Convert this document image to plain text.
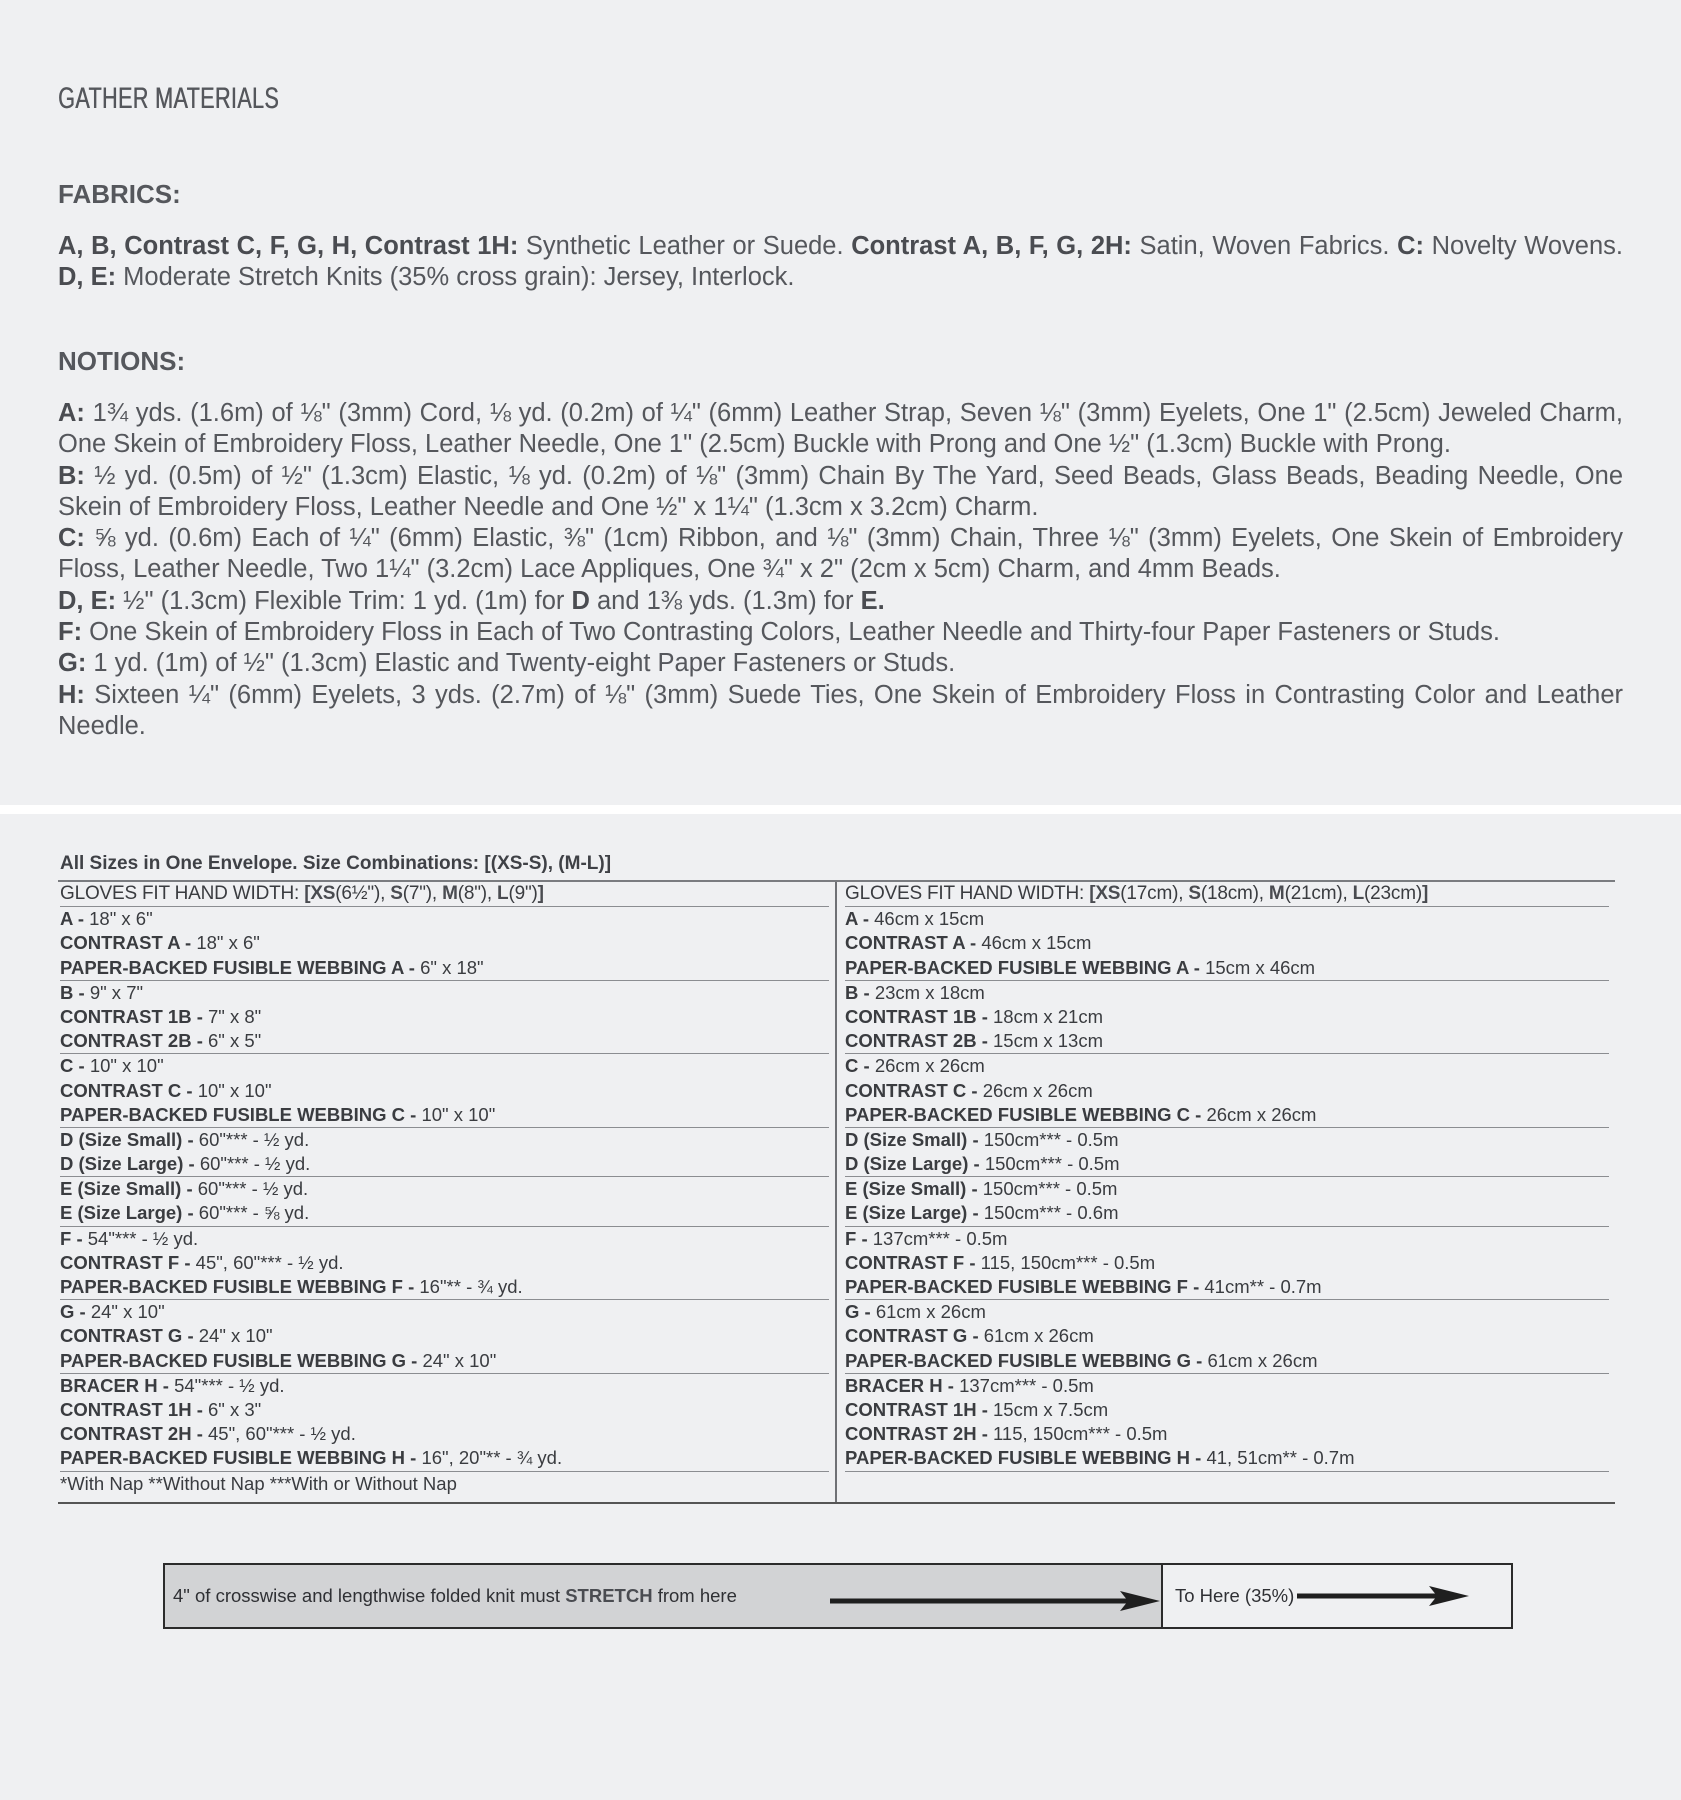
GATHER MATERIALS
FABRICS:

A, B, Contrast C, F, G, H, Contrast 1H: Synthetic Leather or Suede. Contrast A, B, F, G, 2H: Satin, Woven Fabrics. C: Novelty Wovens. D, E: Moderate Stretch Knits (35% cross grain): Jersey, Interlock.

NOTIONS:

A: 1¾ yds. (1.6m) of ⅛" (3mm) Cord, ⅛ yd. (0.2m) of ¼" (6mm) Leather Strap, Seven ⅛" (3mm) Eyelets, One 1" (2.5cm) Jeweled Charm, One Skein of Embroidery Floss, Leather Needle, One 1" (2.5cm) Buckle with Prong and One ½" (1.3cm) Buckle with Prong.

B: ½ yd. (0.5m) of ½" (1.3cm) Elastic, ⅛ yd. (0.2m) of ⅛" (3mm) Chain By The Yard, Seed Beads, Glass Beads, Beading Needle, One Skein of Embroidery Floss, Leather Needle and One ½" x 1¼" (1.3cm x 3.2cm) Charm.

C: ⅝ yd. (0.6m) Each of ¼" (6mm) Elastic, ⅜" (1cm) Ribbon, and ⅛" (3mm) Chain, Three ⅛" (3mm) Eyelets, One Skein of Embroidery Floss, Leather Needle, Two 1¼" (3.2cm) Lace Appliques, One ¾" x 2" (2cm x 5cm) Charm, and 4mm Beads.

D, E: ½" (1.3cm) Flexible Trim: 1 yd. (1m) for D and 1⅜ yds. (1.3m) for E.

F: One Skein of Embroidery Floss in Each of Two Contrasting Colors, Leather Needle and Thirty-four Paper Fasteners or Studs.

G: 1 yd. (1m) of ½" (1.3cm) Elastic and Twenty-eight Paper Fasteners or Studs.

H: Sixteen ¼" (6mm) Eyelets, 3 yds. (2.7m) of ⅛" (3mm) Suede Ties, One Skein of Embroidery Floss in Contrasting Color and Leather Needle.

All Sizes in One Envelope. Size Combinations: [(XS-S), (M-L)]

GLOVES FIT HAND WIDTH: [XS(6½"), S(7"), M(8"), L(9")]
A - 18" x 6"
CONTRAST A - 18" x 6"
PAPER-BACKED FUSIBLE WEBBING A - 6" x 18"
B - 9" x 7"
CONTRAST 1B - 7" x 8"
CONTRAST 2B - 6" x 5"
C - 10" x 10"
CONTRAST C - 10" x 10"
PAPER-BACKED FUSIBLE WEBBING C - 10" x 10"
D (Size Small) - 60"*** - ½ yd.
D (Size Large) - 60"*** - ½ yd.
E (Size Small) - 60"*** - ½ yd.
E (Size Large) - 60"*** - ⅝ yd.
F - 54"*** - ½ yd.
CONTRAST F - 45", 60"*** - ½ yd.
PAPER-BACKED FUSIBLE WEBBING F - 16"** - ¾ yd.
G - 24" x 10"
CONTRAST G - 24" x 10"
PAPER-BACKED FUSIBLE WEBBING G - 24" x 10"
BRACER H - 54"*** - ½ yd.
CONTRAST 1H - 6" x 3"
CONTRAST 2H - 45", 60"*** - ½ yd.
PAPER-BACKED FUSIBLE WEBBING H - 16", 20"** - ¾ yd.
*With Nap **Without Nap ***With or Without Nap
GLOVES FIT HAND WIDTH: [XS(17cm), S(18cm), M(21cm), L(23cm)]
A - 46cm x 15cm
CONTRAST A - 46cm x 15cm
PAPER-BACKED FUSIBLE WEBBING A - 15cm x 46cm
B - 23cm x 18cm
CONTRAST 1B - 18cm x 21cm
CONTRAST 2B - 15cm x 13cm
C - 26cm x 26cm
CONTRAST C - 26cm x 26cm
PAPER-BACKED FUSIBLE WEBBING C - 26cm x 26cm
D (Size Small) - 150cm*** - 0.5m
D (Size Large) - 150cm*** - 0.5m
E (Size Small) - 150cm*** - 0.5m
E (Size Large) - 150cm*** - 0.6m
F - 137cm*** - 0.5m
CONTRAST F - 115, 150cm*** - 0.5m
PAPER-BACKED FUSIBLE WEBBING F - 41cm** - 0.7m
G - 61cm x 26cm
CONTRAST G - 61cm x 26cm
PAPER-BACKED FUSIBLE WEBBING G - 61cm x 26cm
BRACER H - 137cm*** - 0.5m
CONTRAST 1H - 15cm x 7.5cm
CONTRAST 2H - 115, 150cm*** - 0.5m
PAPER-BACKED FUSIBLE WEBBING H - 41, 51cm** - 0.7m
4" of crosswise and lengthwise folded knit must STRETCH from here	To Here (35%)
